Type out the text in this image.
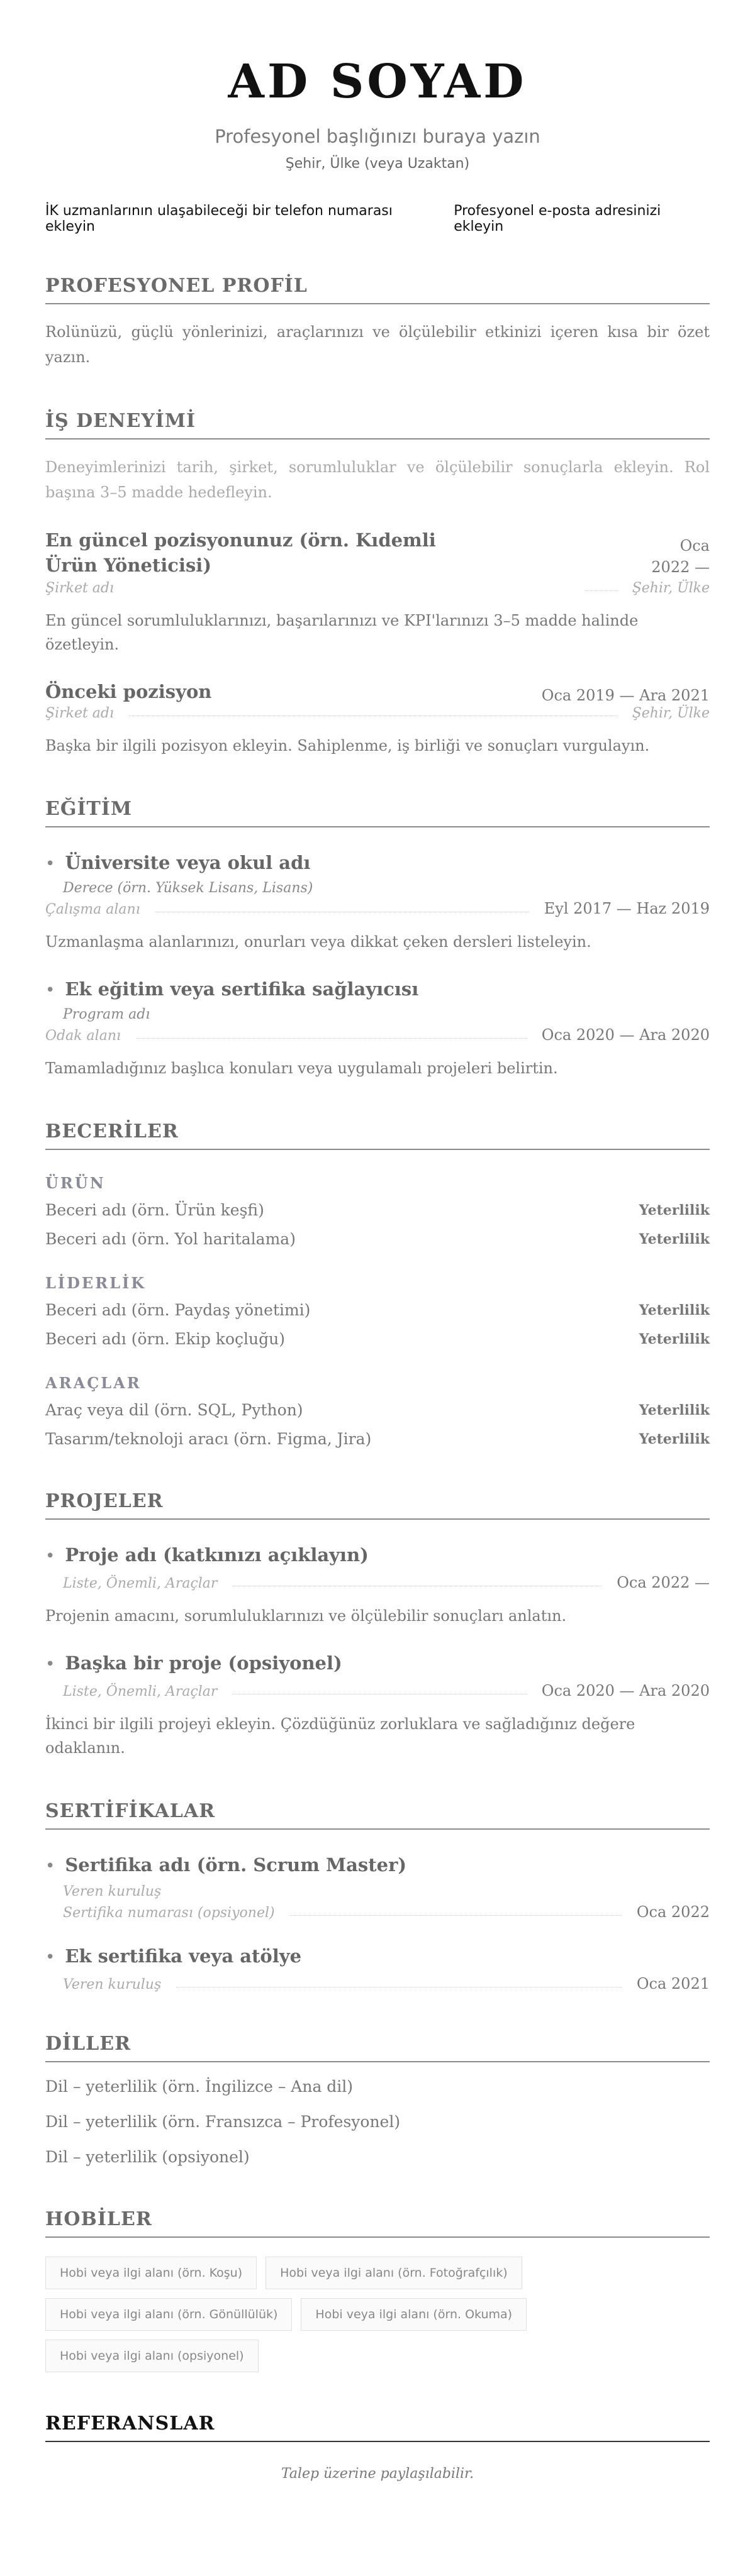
AD SOYAD
Profesyonel başlığınızı buraya yazın
Şehir, Ülke (veya Uzaktan)
İK uzmanlarının ulaşabileceği bir telefon numarası ekleyin
Profesyonel e-posta adresinizi ekleyin
PROFESYONEL PROFİL
Rolünüzü, güçlü yönlerinizi, araçlarınızı ve ölçülebilir etkinizi içeren kısa bir özet yazın.
İŞ DENEYİMİ
Deneyimlerinizi tarih, şirket, sorumluluklar ve ölçülebilir sonuçlarla ekleyin. Rol başına 3–5 madde hedefleyin.
En güncel pozisyonunuz (örn. Kıdemli Ürün Yöneticisi)
Oca 2022 —
Şirket adı	Şehir, Ülke
En güncel sorumluluklarınızı, başarılarınızı ve KPI'larınızı 3–5 madde halinde özetleyin.
Önceki pozisyon	Oca 2019 — Ara 2021
Şirket adı	Şehir, Ülke
Başka bir ilgili pozisyon ekleyin. Sahiplenme, iş birliği ve sonuçları vurgulayın.
EĞİTİM
• Üniversite veya okul adı
Derece (örn. Yüksek Lisans, Lisans)
Çalışma alanı	Eyl 2017 — Haz 2019
Uzmanlaşma alanlarınızı, onurları veya dikkat çeken dersleri listeleyin.
• Ek eğitim veya sertifika sağlayıcısı
Program adı
Odak alanı	Oca 2020 — Ara 2020
Tamamladığınız başlıca konuları veya uygulamalı projeleri belirtin.
BECERİLER
ÜRÜN
Beceri adı (örn. Ürün keşfi)	Yeterlilik
Beceri adı (örn. Yol haritalama)	Yeterlilik
LİDERLİK
Beceri adı (örn. Paydaş yönetimi)	Yeterlilik
Beceri adı (örn. Ekip koçluğu)	Yeterlilik
ARAÇLAR
Araç veya dil (örn. SQL, Python)	Yeterlilik
Tasarım/teknoloji aracı (örn. Figma, Jira)	Yeterlilik
PROJELER
• Proje adı (katkınızı açıklayın)
Liste, Önemli, Araçlar	Oca 2022 —
Projenin amacını, sorumluluklarınızı ve ölçülebilir sonuçları anlatın.
• Başka bir proje (opsiyonel)
Liste, Önemli, Araçlar	Oca 2020 — Ara 2020
İkinci bir ilgili projeyi ekleyin. Çözdüğünüz zorluklara ve sağladığınız değere odaklanın.
SERTİFİKALAR
• Sertifika adı (örn. Scrum Master)
Veren kuruluş
Sertifika numarası (opsiyonel)	Oca 2022
• Ek sertifika veya atölye
Veren kuruluş	Oca 2021
DİLLER
Dil – yeterlilik (örn. İngilizce – Ana dil)
Dil – yeterlilik (örn. Fransızca – Profesyonel)
Dil – yeterlilik (opsiyonel)
HOBİLER
Hobi veya ilgi alanı (örn. Koşu)	Hobi veya ilgi alanı (örn. Fotoğrafçılık)
Hobi veya ilgi alanı (örn. Gönüllülük)	Hobi veya ilgi alanı (örn. Okuma)
Hobi veya ilgi alanı (opsiyonel)
REFERANSLAR
Talep üzerine paylaşılabilir.
